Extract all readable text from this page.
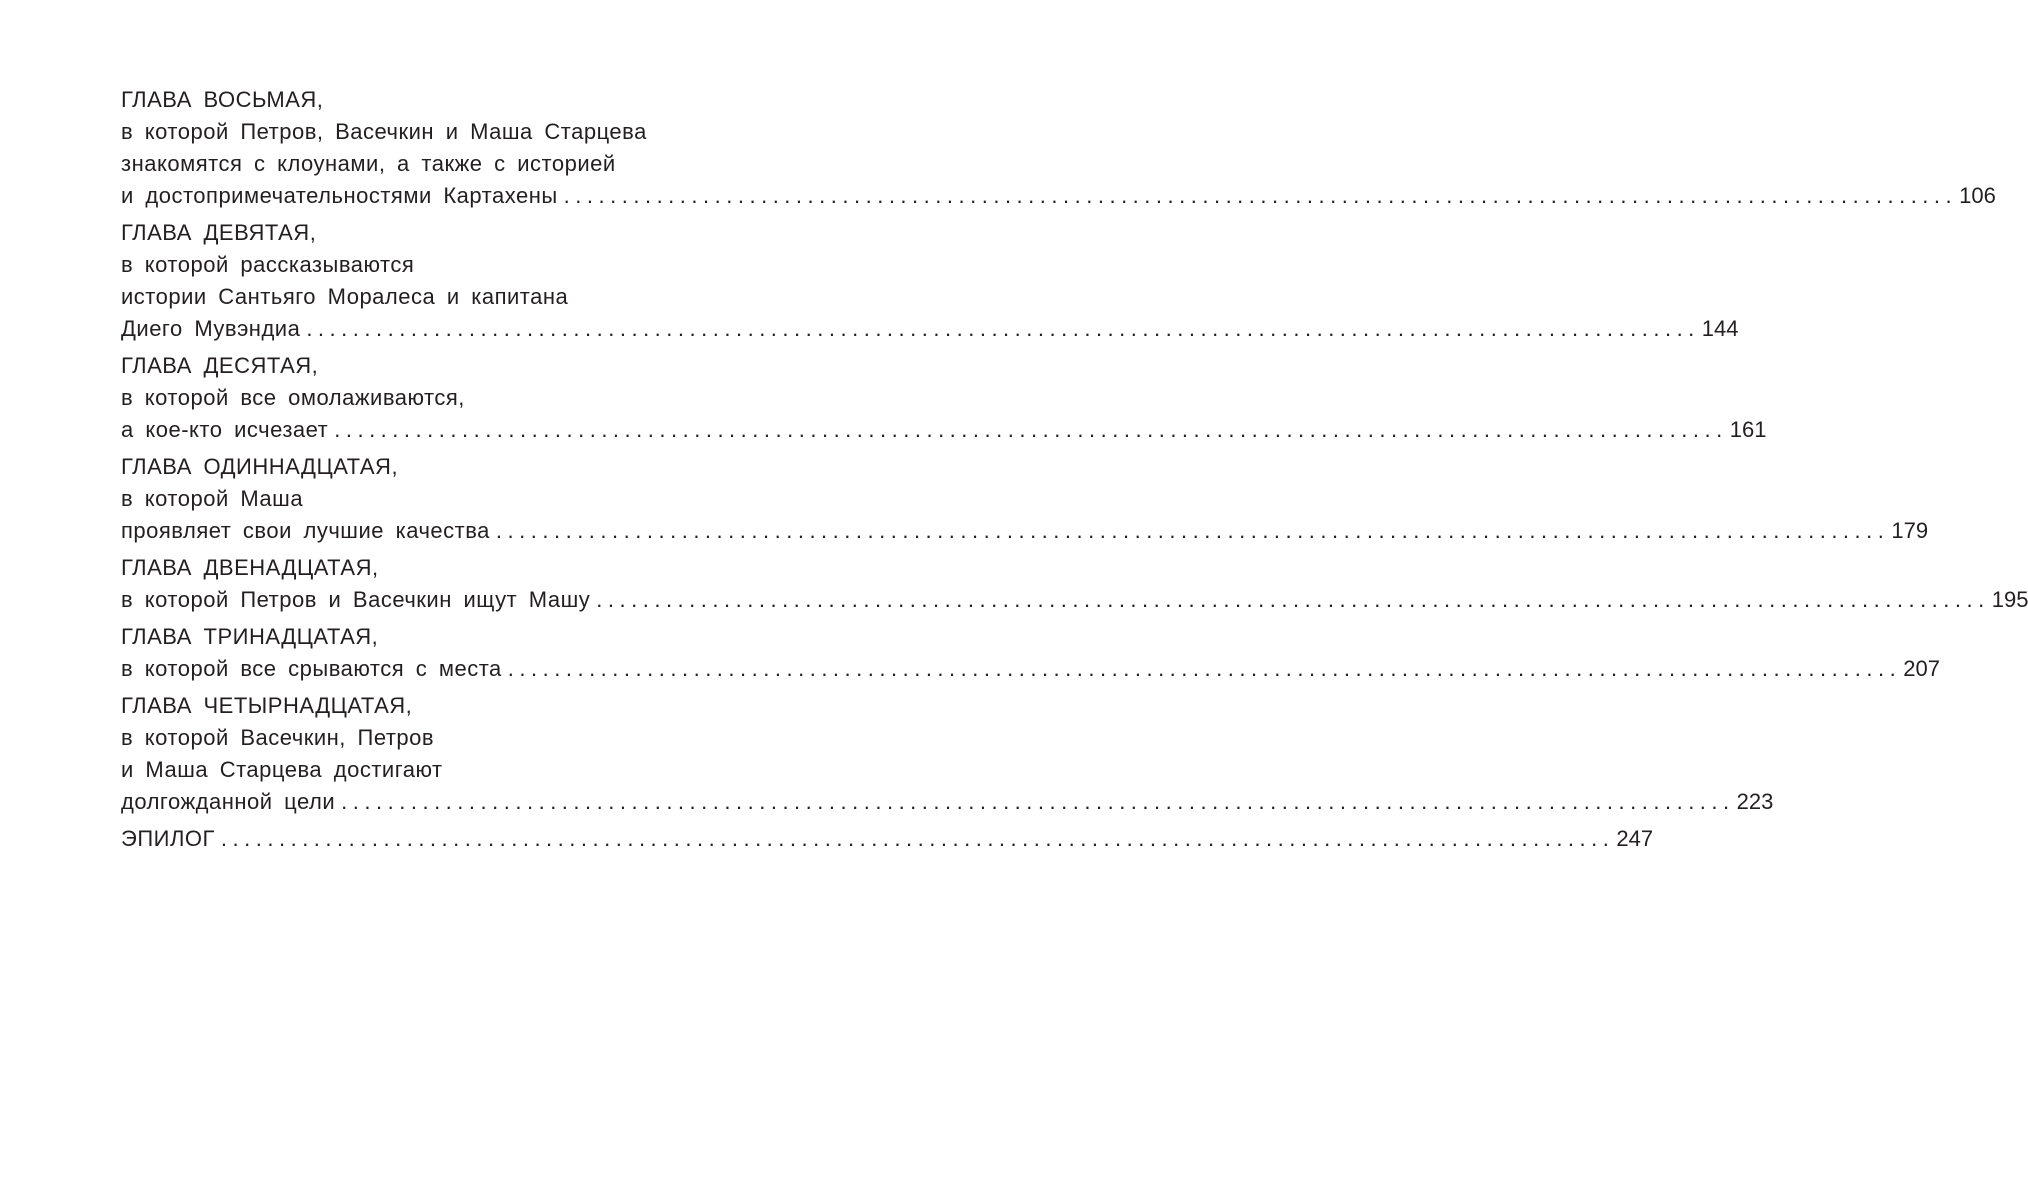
ГЛАВА ВОСЬМАЯ,
в которой Петров, Васечкин и Маша Старцева
знакомятся с клоунами, а также с историей
и достопримечательностями Картахены ........................................................................................................................ 106
ГЛАВА ДЕВЯТАЯ,
в которой рассказываются
истории Сантьяго Моралеса и капитана
Диего Мувэндиа ........................................................................................................................ 144
ГЛАВА ДЕСЯТАЯ,
в которой все омолаживаются,
а кое-кто исчезает ........................................................................................................................ 161
ГЛАВА ОДИННАДЦАТАЯ,
в которой Маша
проявляет свои лучшие качества ........................................................................................................................ 179
ГЛАВА ДВЕНАДЦАТАЯ,
в которой Петров и Васечкин ищут Машу ........................................................................................................................ 195
ГЛАВА ТРИНАДЦАТАЯ,
в которой все срываются с места ........................................................................................................................ 207
ГЛАВА ЧЕТЫРНАДЦАТАЯ,
в которой Васечкин, Петров
и Маша Старцева достигают
долгожданной цели ........................................................................................................................ 223
ЭПИЛОГ ........................................................................................................................ 247
